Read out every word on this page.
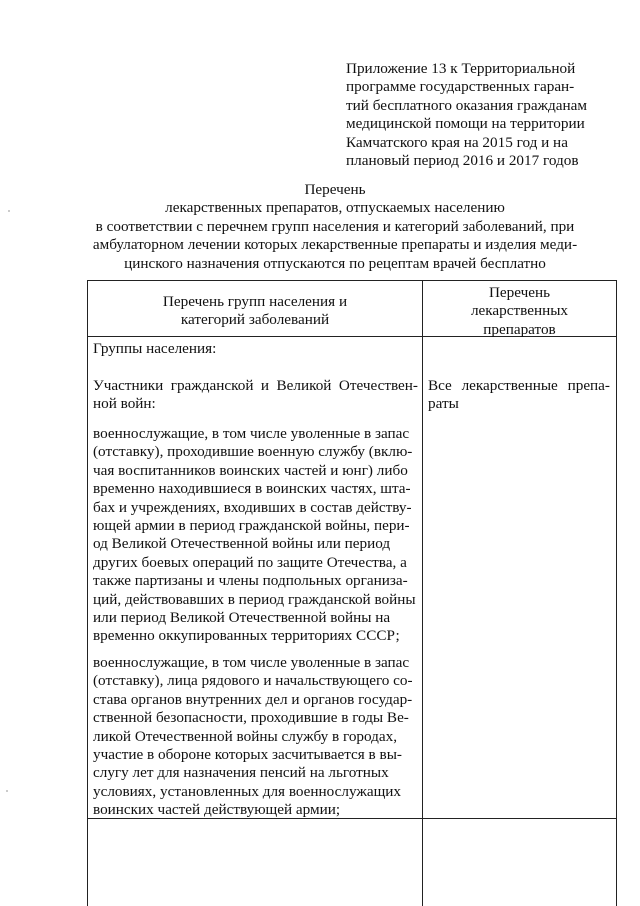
Приложение 13 к Территориальной
программе государственных гаран-
тий бесплатного оказания гражданам
медицинской помощи на территории
Камчатского края на 2015 год и на
плановый период 2016 и 2017 годов
Перечень
лекарственных препаратов, отпускаемых населению
в соответствии с перечнем групп населения и категорий заболеваний, при
амбулаторном лечении которых лекарственные препараты и изделия меди-
цинского назначения отпускаются по рецептам врачей бесплатно
Перечень групп населения и
категорий заболеваний
Перечень
лекарственных
препаратов
Группы населения:
Участники гражданской и Великой Отечествен-
ной войн:
Все лекарственные препа-
раты
военнослужащие, в том числе уволенные в запас
(отставку), проходившие военную службу (вклю-
чая воспитанников воинских частей и юнг) либо
временно находившиеся в воинских частях, шта-
бах и учреждениях, входивших в состав действу-
ющей армии в период гражданской войны, пери-
од Великой Отечественной войны или период
других боевых операций по защите Отечества, а
также партизаны и члены подпольных организа-
ций, действовавших в период гражданской войны
или период Великой Отечественной войны на
временно оккупированных территориях СССР;
военнослужащие, в том числе уволенные в запас
(отставку), лица рядового и начальствующего со-
става органов внутренних дел и органов государ-
ственной безопасности, проходившие в годы Ве-
ликой Отечественной войны службу в городах,
участие в обороне которых засчитывается в вы-
слугу лет для назначения пенсий на льготных
условиях, установленных для военнослужащих
воинских частей действующей армии;
